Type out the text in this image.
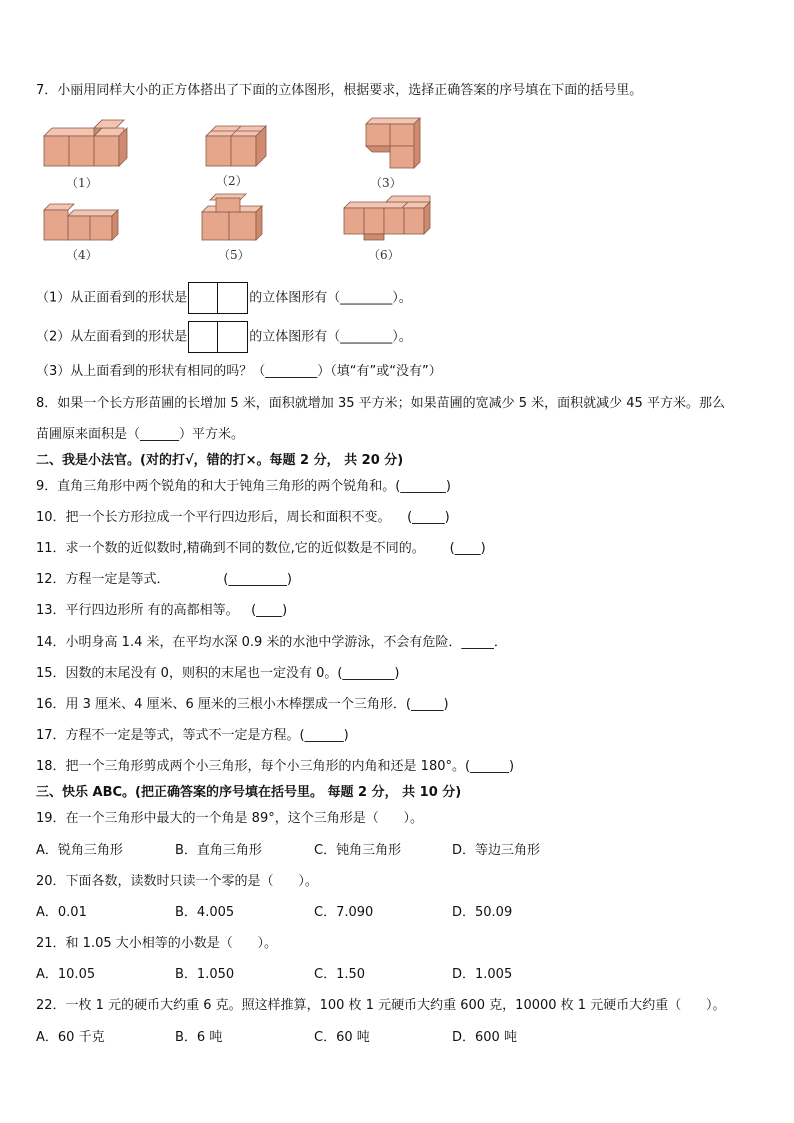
7．小丽用同样大小的正方体搭出了下面的立体图形，根据要求，选择正确答案的序号填在下面的括号里。
（1）	（2）	（3）
（4）	（5）	（6）
（1）从正面看到的形状是	的立体图形有（________）。
（2）从左面看到的形状是	的立体图形有（________）。
（3）从上面看到的形状有相同的吗？（________）（填“有”或“没有”）
8．如果一个长方形苗圃的长增加 5 米，面积就增加 35 平方米；如果苗圃的宽减少 5 米，面积就减少 45 平方米。那么
苗圃原来面积是（______）平方米。
二、我是小法官。(对的打√，错的打×。每题 2 分， 共 20 分)
9．直角三角形中两个锐角的和大于钝角三角形的两个锐角和。(_______)
10．把一个长方形拉成一个平行四边形后，周长和面积不变。    (_____)
11．求一个数的近似数时,精确到不同的数位,它的近似数是不同的。      (____)
12．方程一定是等式．             (_________)
13．平行四边形所 有的高都相等。   (____)
14．小明身高 1.4 米，在平均水深 0.9 米的水池中学游泳，不会有危险．_____．
15．因数的末尾没有 0，则积的末尾也一定没有 0。(________)
16．用 3 厘米、4 厘米、6 厘米的三根小木棒摆成一个三角形．(_____)
17．方程不一定是等式，等式不一定是方程。(______)
18．把一个三角形剪成两个小三角形，每个小三角形的内角和还是 180°。(______)
三、快乐 ABC。(把正确答案的序号填在括号里。 每题 2 分， 共 10 分)
19．在一个三角形中最大的一个角是 89°，这个三角形是（      ）。
A．锐角三角形	B．直角三角形	C．钝角三角形	D．等边三角形
20．下面各数，读数时只读一个零的是（      ）。
A．0.01	B．4.005	C．7.090	D．50.09
21．和 1.05 大小相等的小数是（      ）。
A．10.05	B．1.050	C．1.50	D．1.005
22．一枚 1 元的硬币大约重 6 克。照这样推算，100 枚 1 元硬币大约重 600 克，10000 枚 1 元硬币大约重（      ）。
A．60 千克	B．6 吨	C．60 吨	D．600 吨
